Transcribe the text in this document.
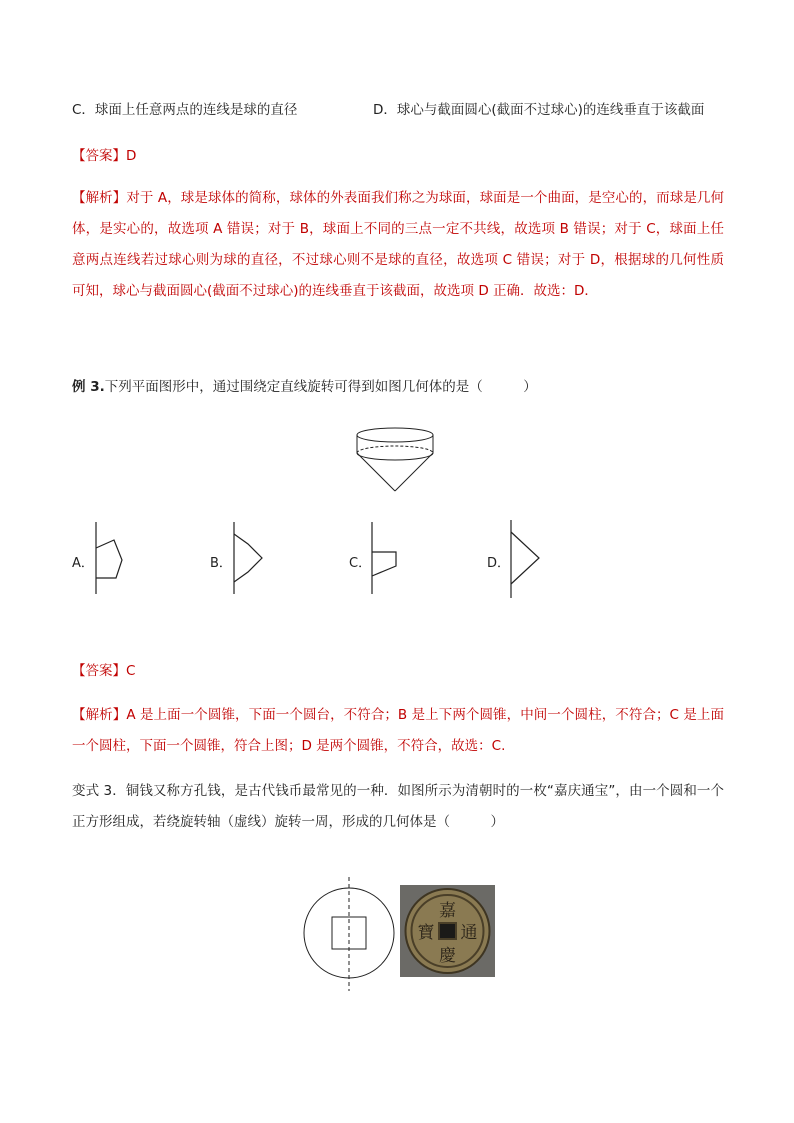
C．球面上任意两点的连线是球的直径	D．球心与截面圆心(截面不过球心)的连线垂直于该截面
【答案】D
【解析】对于 A，球是球体的简称，球体的外表面我们称之为球面，球面是一个曲面，是空心的，而球是几何体，是实心的，故选项 A 错误；对于 B，球面上不同的三点一定不共线，故选项 B 错误；对于 C，球面上任意两点连线若过球心则为球的直径，不过球心则不是球的直径，故选项 C 错误；对于 D，根据球的几何性质可知，球心与截面圆心(截面不过球心)的连线垂直于该截面，故选项 D 正确．故选：D．
例 3.下列平面图形中，通过围绕定直线旋转可得到如图几何体的是（　　　）
A．	B．	C．	D．
【答案】C
【解析】A 是上面一个圆锥，下面一个圆台，不符合；B 是上下两个圆锥，中间一个圆柱，不符合；C 是上面一个圆柱，下面一个圆锥，符合上图；D 是两个圆锥，不符合，故选：C.
变式 3．铜钱又称方孔钱，是古代钱币最常见的一种．如图所示为清朝时的一枚“嘉庆通宝”，由一个圆和一个正方形组成，若绕旋转轴（虚线）旋转一周，形成的几何体是（　　　）
嘉
慶
通
寶
